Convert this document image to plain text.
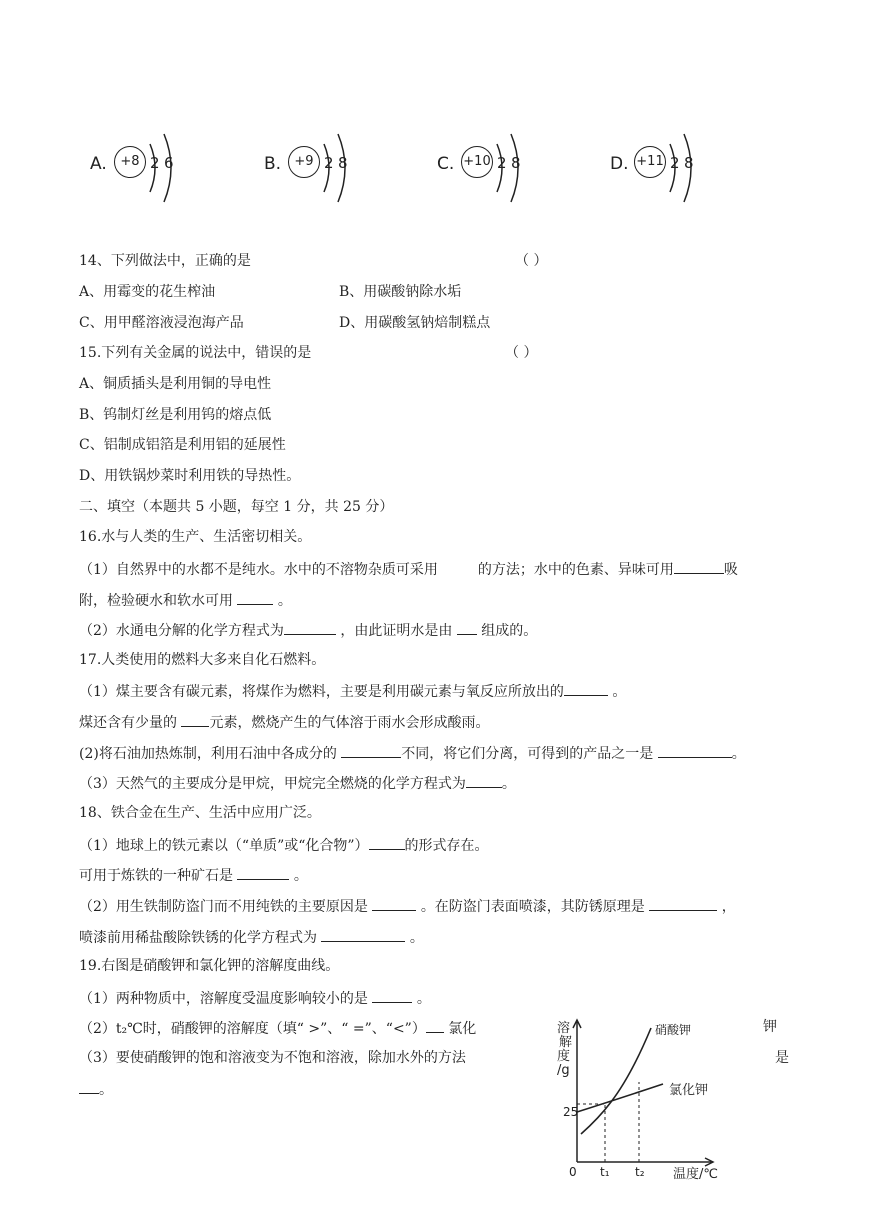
A.	+8 2 6	B.	+9 2 8	C. +10 2 8	D. +11 2 8
14、下列做法中，正确的是	（ ）
A、用霉变的花生榨油	B、用碳酸钠除水垢
C、用甲醛溶液浸泡海产品	D、用碳酸氢钠焙制糕点
15.下列有关金属的说法中，错误的是	（ ）
A、铜质插头是利用铜的导电性
B、钨制灯丝是利用钨的熔点低
C、铝制成铝箔是利用铝的延展性
D、用铁锅炒菜时利用铁的导热性。
二、填空（本题共 5 小题，每空 1 分，共 25 分）
16.水与人类的生产、生活密切相关。
（1）自然界中的水都不是纯水。水中的不溶物杂质可采用	的方法；水中的色素、异味可用	吸
附，检验硬水和软水可用	。
（2）水通电分解的化学方程式为	，由此证明水是由 组成的。
17.人类使用的燃料大多来自化石燃料。
（1）煤主要含有碳元素，将煤作为燃料，主要是利用碳元素与氧反应所放出的	。
煤还含有少量的 元素，燃烧产生的气体溶于雨水会形成酸雨。
(2)将石油加热炼制，利用石油中各成分的	不同，将它们分离，可得到的产品之一是	。
（3）天然气的主要成分是甲烷，甲烷完全燃烧的化学方程式为	。
18、铁合金在生产、生活中应用广泛。
（1）地球上的铁元素以（“单质”或“化合物”）	的形式存在。
可用于炼铁的一种矿石是	。
（2）用生铁制防盗门而不用纯铁的主要原因是	。在防盗门表面喷漆，其防锈原理是	，
喷漆前用稀盐酸除铁锈的化学方程式为	。
19.右图是硝酸钾和氯化钾的溶解度曲线。
（1）两种物质中，溶解度受温度影响较小的是	。
（2）t₂℃时，硝酸钾的溶解度（填“ >”、“ =”、“<”） 氯化	钾
（3）要使硝酸钾的饱和溶液变为不饱和溶液，除加水外的方法	是
。
溶
解
度
/g
25
0 t₁ t₂ 温度/℃
硝酸钾
氯化钾
